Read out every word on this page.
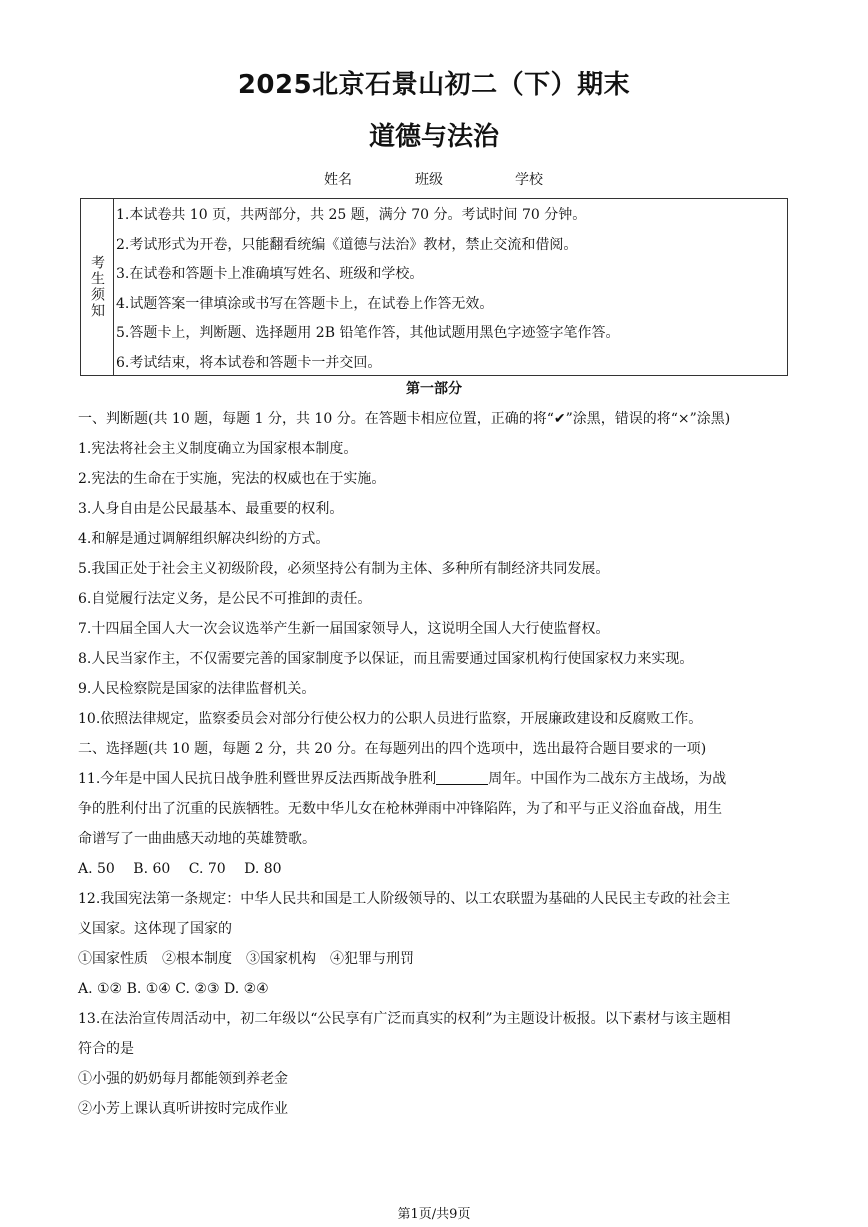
2025北京石景山初二（下）期末
道德与法治
姓名	班级	学校
考生须知
1.本试卷共 10 页，共两部分，共 25 题，满分 70 分。考试时间 70 分钟。
2.考试形式为开卷，只能翻看统编《道德与法治》教材，禁止交流和借阅。
3.在试卷和答题卡上准确填写姓名、班级和学校。
4.试题答案一律填涂或书写在答题卡上，在试卷上作答无效。
5.答题卡上，判断题、选择题用 2B 铅笔作答，其他试题用黑色字迹签字笔作答。
6.考试结束，将本试卷和答题卡一并交回。
第一部分
一、判断题(共 10 题，每题 1 分，共 10 分。在答题卡相应位置，正确的将“✔”涂黑，错误的将“×”涂黑)
1.宪法将社会主义制度确立为国家根本制度。
2.宪法的生命在于实施，宪法的权威也在于实施。
3.人身自由是公民最基本、最重要的权利。
4.和解是通过调解组织解决纠纷的方式。
5.我国正处于社会主义初级阶段，必须坚持公有制为主体、多种所有制经济共同发展。
6.自觉履行法定义务，是公民不可推卸的责任。
7.十四届全国人大一次会议选举产生新一届国家领导人，这说明全国人大行使监督权。
8.人民当家作主，不仅需要完善的国家制度予以保证，而且需要通过国家机构行使国家权力来实现。
9.人民检察院是国家的法律监督机关。
10.依照法律规定，监察委员会对部分行使公权力的公职人员进行监察，开展廉政建设和反腐败工作。
二、选择题(共 10 题，每题 2 分，共 20 分。在每题列出的四个选项中，选出最符合题目要求的一项)
11.今年是中国人民抗日战争胜利暨世界反法西斯战争胜利	周年。中国作为二战东方主战场，为战
争的胜利付出了沉重的民族牺牲。无数中华儿女在枪林弹雨中冲锋陷阵，为了和平与正义浴血奋战，用生
命谱写了一曲曲感天动地的英雄赞歌。
A. 50　 B. 60　 C. 70　 D. 80
12.我国宪法第一条规定：中华人民共和国是工人阶级领导的、以工农联盟为基础的人民民主专政的社会主
义国家。这体现了国家的
①国家性质　②根本制度　③国家机构　④犯罪与刑罚
A. ①② B. ①④ C. ②③ D. ②④
13.在法治宣传周活动中，初二年级以“公民享有广泛而真实的权利”为主题设计板报。以下素材与该主题相
符合的是
①小强的奶奶每月都能领到养老金
②小芳上课认真听讲按时完成作业
第1页/共9页
